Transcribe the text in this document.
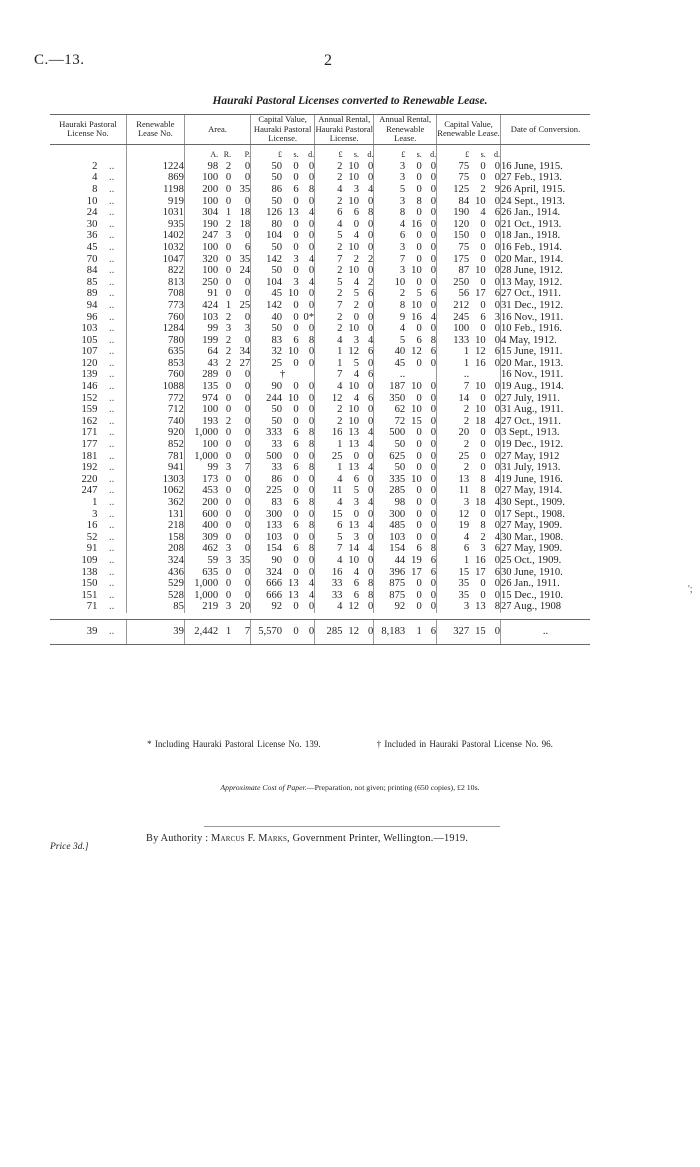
C.—13.	2
Hauraki Pastoral Licenses converted to Renewable Lease.
Hauraki Pastoral License No.		Renewable Lease No.	Area.			Capital Value, Hauraki Pastoral License.			Annual Rental, Hauraki Pastoral License.			Annual Rental, Renewable Lease.			Capital Value, Renewable Lease.			Date of Conversion.
			A.	R.	P.	£	s.	d.	£	s.	d.	£	s.	d.	£	s.	d.	
2	..	1224	98	2	0	50	0	0	2	10	0	3	0	0	75	0	0	16 June, 1915.
4	..	869	100	0	0	50	0	0	2	10	0	3	0	0	75	0	0	27 Feb., 1913.
8	..	1198	200	0	35	86	6	8	4	3	4	5	0	0	125	2	9	26 April, 1915.
10	..	919	100	0	0	50	0	0	2	10	0	3	8	0	84	10	0	24 Sept., 1913.
24	..	1031	304	1	18	126	13	4	6	6	8	8	0	0	190	4	6	26 Jan., 1914.
30	..	935	190	2	18	80	0	0	4	0	0	4	16	0	120	0	0	21 Oct., 1913.
36	..	1402	247	3	0	104	0	0	5	4	0	6	0	0	150	0	0	18 Jan., 1918.
45	..	1032	100	0	6	50	0	0	2	10	0	3	0	0	75	0	0	16 Feb., 1914.
70	..	1047	320	0	35	142	3	4	7	2	2	7	0	0	175	0	0	20 Mar., 1914.
84	..	822	100	0	24	50	0	0	2	10	0	3	10	0	87	10	0	28 June, 1912.
85	..	813	250	0	0	104	3	4	5	4	2	10	0	0	250	0	0	13 May, 1912.
89	..	708	91	0	0	45	10	0	2	5	6	2	5	6	56	17	6	27 Oct., 1911.
94	..	773	424	1	25	142	0	0	7	2	0	8	10	0	212	0	0	31 Dec., 1912.
96	..	760	103	2	0	40	0	0*	2	0	0	9	16	4	245	6	3	16 Nov., 1911.
103	..	1284	99	3	3	50	0	0	2	10	0	4	0	0	100	0	0	10 Feb., 1916.
105	..	780	199	2	0	83	6	8	4	3	4	5	6	8	133	10	0	4 May, 1912.
107	..	635	64	2	34	32	10	0	1	12	6	40	12	6	1	12	6	15 June, 1911.
120	..	853	43	2	27	25	0	0	1	5	0	45	0	0	1	16	0	20 Mar., 1913.
139	..	760	289	0	0	†			7	4	6	..			..			16 Nov., 1911.
146	..	1088	135	0	0	90	0	0	4	10	0	187	10	0	7	10	0	19 Aug., 1914.
152	..	772	974	0	0	244	10	0	12	4	6	350	0	0	14	0	0	27 July, 1911.
159	..	712	100	0	0	50	0	0	2	10	0	62	10	0	2	10	0	31 Aug., 1911.
162	..	740	193	2	0	50	0	0	2	10	0	72	15	0	2	18	4	27 Oct., 1911.
171	..	920	1,000	0	0	333	6	8	16	13	4	500	0	0	20	0	0	3 Sept., 1913.
177	..	852	100	0	0	33	6	8	1	13	4	50	0	0	2	0	0	19 Dec., 1912.
181	..	781	1,000	0	0	500	0	0	25	0	0	625	0	0	25	0	0	27 May, 1912
192	..	941	99	3	7	33	6	8	1	13	4	50	0	0	2	0	0	31 July, 1913.
220	..	1303	173	0	0	86	0	0	4	6	0	335	10	0	13	8	4	19 June, 1916.
247	..	1062	453	0	0	225	0	0	11	5	0	285	0	0	11	8	0	27 May, 1914.
1	..	362	200	0	0	83	6	8	4	3	4	98	0	0	3	18	4	30 Sept., 1909.
3	..	131	600	0	0	300	0	0	15	0	0	300	0	0	12	0	0	17 Sept., 1908.
16	..	218	400	0	0	133	6	8	6	13	4	485	0	0	19	8	0	27 May, 1909.
52	..	158	309	0	0	103	0	0	5	3	0	103	0	0	4	2	4	30 Mar., 1908.
91	..	208	462	3	0	154	6	8	7	14	4	154	6	8	6	3	6	27 May, 1909.
109	..	324	59	3	35	90	0	0	4	10	0	44	19	6	1	16	0	25 Oct., 1909.
138	..	436	635	0	0	324	0	0	16	4	0	396	17	6	15	17	6	30 June, 1910.
150	..	529	1,000	0	0	666	13	4	33	6	8	875	0	0	35	0	0	26 Jan., 1911.
151	..	528	1,000	0	0	666	13	4	33	6	8	875	0	0	35	0	0	15 Dec., 1910.
71	..	85	219	3	20	92	0	0	4	12	0	92	0	0	3	13	8	27 Aug., 1908

39	..	39	2,442	1	7	5,570	0	0	285	12	0	8,183	1	6	327	15	0	..
* Including Hauraki Pastoral License No. 139.	† Included in Hauraki Pastoral License No. 96.
Approximate Cost of Paper.—Preparation, not given; printing (650 copies), £2 10s.
By Authority : Marcus F. Marks, Government Printer, Wellington.—1919.
Price 3d.]
';
